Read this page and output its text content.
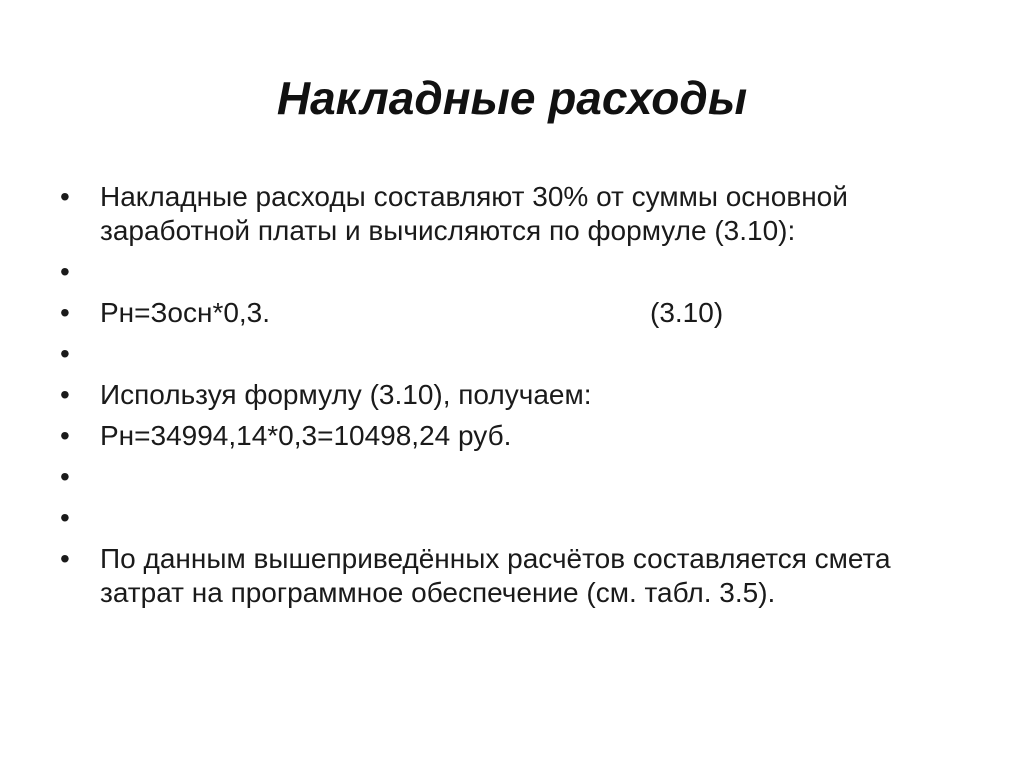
Накладные расходы
•	Накладные расходы составляют 30% от суммы основной заработной платы и вычисляются по формуле (3.10):
•
•	Рн=Зосн*0,3.	(3.10)
•
•	Используя формулу (3.10), получаем:
•	Рн=34994,14*0,3=10498,24 руб.
•
•
•	По данным вышеприведённых расчётов составляется смета затрат на программное обеспечение (см. табл. 3.5).
